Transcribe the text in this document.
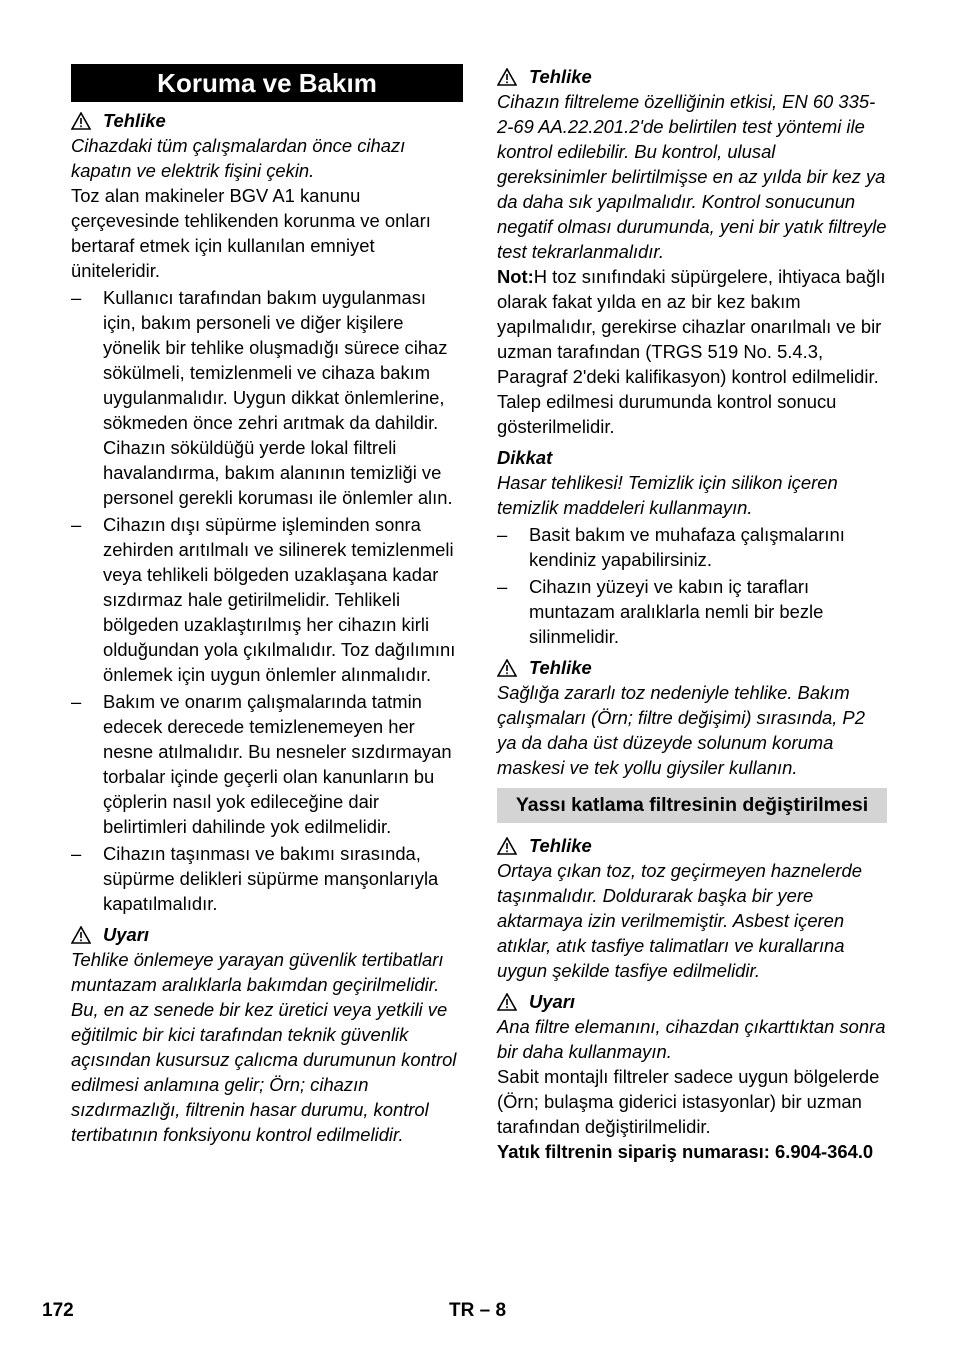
Koruma ve Bakım
Tehlike

Cihazdaki tüm çalışmalardan önce cihazı kapatın ve elektrik fişini çekin.

Toz alan makineler BGV A1 kanunu çerçevesinde tehlikenden korunma ve onları bertaraf etmek için kullanılan emniyet üniteleridir.

– Kullanıcı tarafından bakım uygulanması için, bakım personeli ve diğer kişilere yönelik bir tehlike oluşmadığı sürece cihaz sökülmeli, temizlenmeli ve cihaza bakım uygulanmalıdır. Uygun dikkat önlemlerine, sökmeden önce zehri arıtmak da dahildir. Cihazın söküldüğü yerde lokal filtreli havalandırma, bakım alanının temizliği ve personel gerekli koruması ile önlemler alın.
– Cihazın dışı süpürme işleminden sonra zehirden arıtılmalı ve silinerek temizlenmeli veya tehlikeli bölgeden uzaklaşana kadar sızdırmaz hale getirilmelidir. Tehlikeli bölgeden uzaklaştırılmış her cihazın kirli olduğundan yola çıkılmalıdır. Toz dağılımını önlemek için uygun önlemler alınmalıdır.
– Bakım ve onarım çalışmalarında tatmin edecek derecede temizlenemeyen her nesne atılmalıdır. Bu nesneler sızdırmayan torbalar içinde geçerli olan kanunların bu çöplerin nasıl yok edileceğine dair belirtimleri dahilinde yok edilmelidir.
– Cihazın taşınması ve bakımı sırasında, süpürme delikleri süpürme manşonlarıyla kapatılmalıdır.
Uyarı

Tehlike önlemeye yarayan güvenlik tertibatları muntazam aralıklarla bakımdan geçirilmelidir. Bu, en az senede bir kez üretici veya yetkili ve eğitilmic bir kici tarafından teknik güvenlik açısından kusursuz çalıcma durumunun kontrol edilmesi anlamına gelir; Örn; cihazın sızdırmazlığı, filtrenin hasar durumu, kontrol tertibatının fonksiyonu kontrol edilmelidir.

Tehlike

Cihazın filtreleme özelliğinin etkisi, EN 60 335-2-69 AA.22.201.2'de belirtilen test yöntemi ile kontrol edilebilir. Bu kontrol, ulusal gereksinimler belirtilmişse en az yılda bir kez ya da daha sık yapılmalıdır. Kontrol sonucunun negatif olması durumunda, yeni bir yatık filtreyle test tekrarlanmalıdır.

Not:H toz sınıfındaki süpürgelere, ihtiyaca bağlı olarak fakat yılda en az bir kez bakım yapılmalıdır, gerekirse cihazlar onarılmalı ve bir uzman tarafından (TRGS 519 No. 5.4.3, Paragraf 2'deki kalifikasyon) kontrol edilmelidir. Talep edilmesi durumunda kontrol sonucu gösterilmelidir.

Dikkat

Hasar tehlikesi! Temizlik için silikon içeren temizlik maddeleri kullanmayın.

– Basit bakım ve muhafaza çalışmalarını kendiniz yapabilirsiniz.
– Cihazın yüzeyi ve kabın iç tarafları muntazam aralıklarla nemli bir bezle silinmelidir.
Tehlike

Sağlığa zararlı toz nedeniyle tehlike. Bakım çalışmaları (Örn; filtre değişimi) sırasında, P2 ya da daha üst düzeyde solunum koruma maskesi ve tek yollu giysiler kullanın.

Yassı katlama filtresinin değiştirilmesi
Tehlike

Ortaya çıkan toz, toz geçirmeyen haznelerde taşınmalıdır. Doldurarak başka bir yere aktarmaya izin verilmemiştir. Asbest içeren atıklar, atık tasfiye talimatları ve kurallarına uygun şekilde tasfiye edilmelidir.

Uyarı

Ana filtre elemanını, cihazdan çıkarttıktan sonra bir daha kullanmayın.

Sabit montajlı filtreler sadece uygun bölgelerde (Örn; bulaşma giderici istasyonlar) bir uzman tarafından değiştirilmelidir.

Yatık filtrenin sipariş numarası: 6.904-364.0

172	TR – 8
